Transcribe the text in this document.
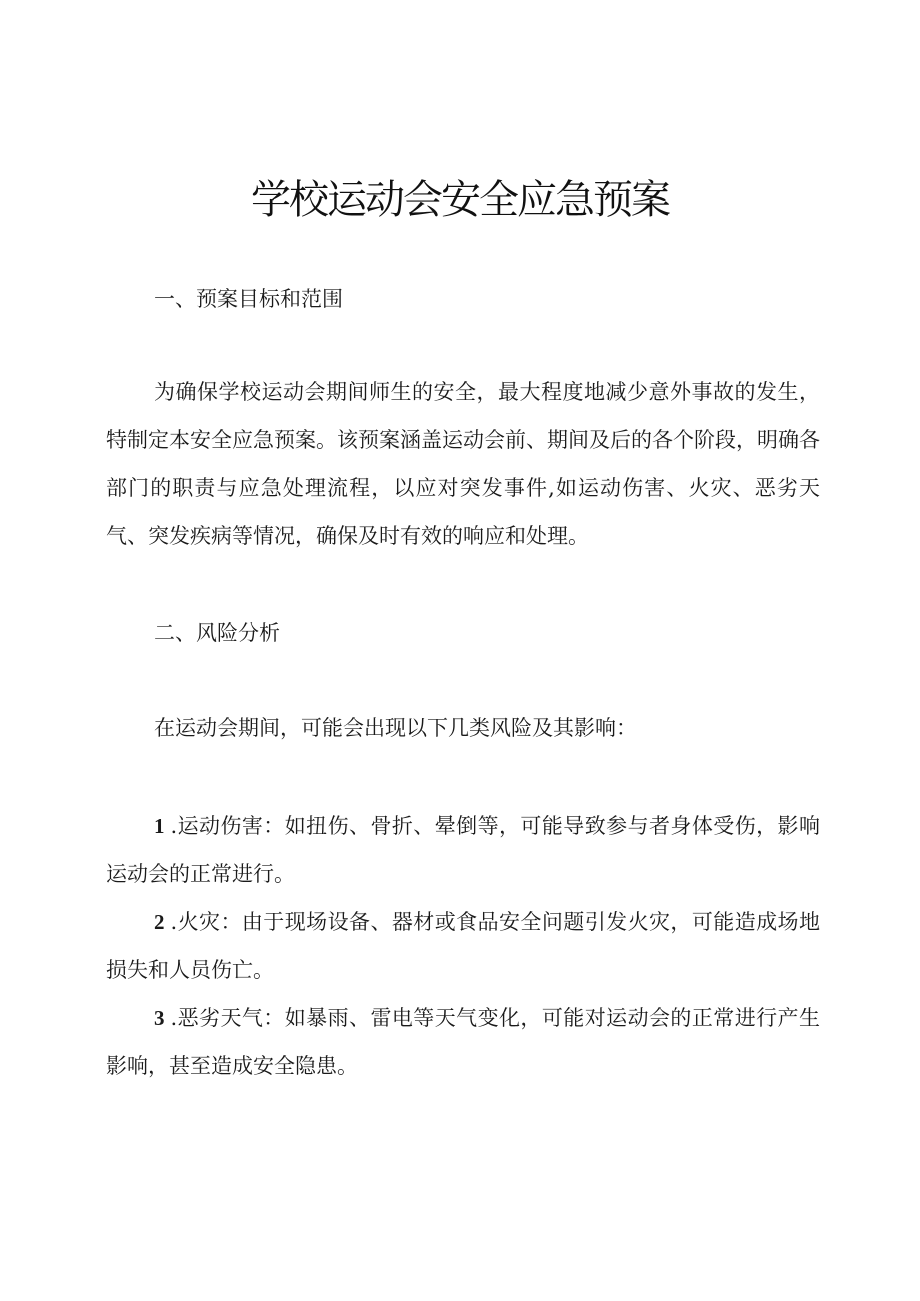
学校运动会安全应急预案
一、预案目标和范围

为确保学校运动会期间师生的安全，最大程度地减少意外事故的发生，特制定本安全应急预案。该预案涵盖运动会前、期间及后的各个阶段，明确各部门的职责与应急处理流程，以应对突发事件,如运动伤害、火灾、恶劣天气、突发疾病等情况，确保及时有效的响应和处理。

二、风险分析

在运动会期间，可能会出现以下几类风险及其影响：

1 .运动伤害：如扭伤、骨折、晕倒等，可能导致参与者身体受伤，影响运动会的正常进行。

2 .火灾：由于现场设备、器材或食品安全问题引发火灾，可能造成场地损失和人员伤亡。

3 .恶劣天气：如暴雨、雷电等天气变化，可能对运动会的正常进行产生影响，甚至造成安全隐患。
